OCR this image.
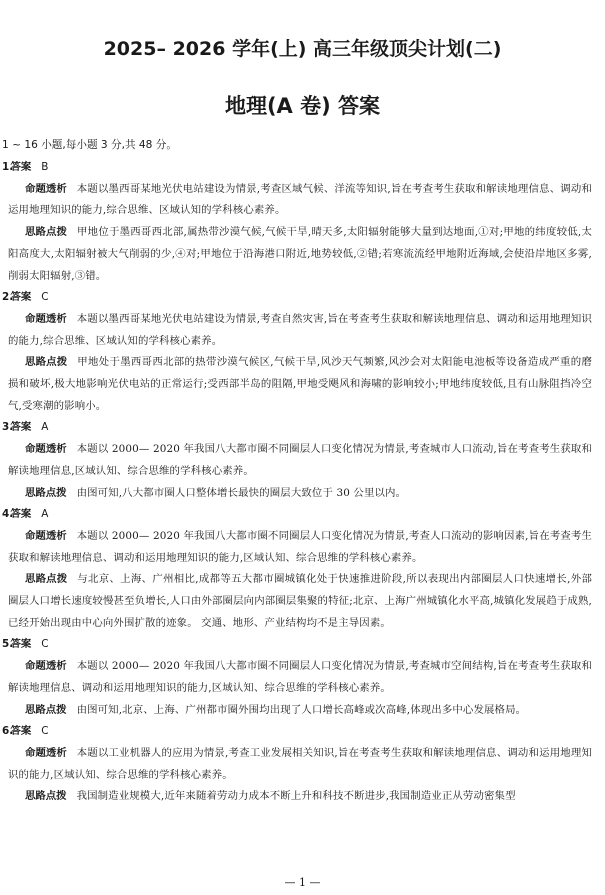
2025– 2026 学年(上) 高三年级顶尖计划(二)
地理(A 卷) 答案
1 ~ 16 小题,每小题 3 分,共 48 分。
1. 答案 B
命题透析 本题以墨西哥某地光伏电站建设为情景,考查区域气候、洋流等知识,旨在考查考生获取和解读地理信息、调动和运用地理知识的能力,综合思维、区域认知的学科核心素养。
思路点拨 甲地位于墨西哥西北部,属热带沙漠气候,气候干旱,晴天多,太阳辐射能够大量到达地面,①对;甲地的纬度较低,太阳高度大,太阳辐射被大气削弱的少,④对;甲地位于沿海港口附近,地势较低,②错;若寒流流经甲地附近海域,会使沿岸地区多雾,削弱太阳辐射,③错。
2. 答案 C
命题透析 本题以墨西哥某地光伏电站建设为情景,考查自然灾害,旨在考查考生获取和解读地理信息、调动和运用地理知识的能力,综合思维、区域认知的学科核心素养。
思路点拨 甲地处于墨西哥西北部的热带沙漠气候区,气候干旱,风沙天气频繁,风沙会对太阳能电池板等设备造成严重的磨损和破坏,极大地影响光伏电站的正常运行;受西部半岛的阻隔,甲地受飓风和海啸的影响较小;甲地纬度较低,且有山脉阻挡冷空气,受寒潮的影响小。
3. 答案 A
命题透析 本题以 2000— 2020 年我国八大都市圈不同圈层人口变化情况为情景,考查城市人口流动,旨在考查考生获取和解读地理信息,区域认知、综合思维的学科核心素养。
思路点拨 由图可知,八大都市圈人口整体增长最快的圈层大致位于 30 公里以内。
4. 答案 A
命题透析 本题以 2000— 2020 年我国八大都市圈不同圈层人口变化情况为情景,考查人口流动的影响因素,旨在考查考生获取和解读地理信息、调动和运用地理知识的能力,区域认知、综合思维的学科核心素养。
思路点拨 与北京、上海、广州相比,成都等五大都市圈城镇化处于快速推进阶段,所以表现出内部圈层人口快速增长,外部圈层人口增长速度较慢甚至负增长,人口由外部圈层向内部圈层集聚的特征;北京、上海广州城镇化水平高,城镇化发展趋于成熟,已经开始出现由中心向外围扩散的迹象。 交通、地形、产业结构均不是主导因素。
5. 答案 C
命题透析 本题以 2000— 2020 年我国八大都市圈不同圈层人口变化情况为情景,考查城市空间结构,旨在考查考生获取和解读地理信息、调动和运用地理知识的能力,区域认知、综合思维的学科核心素养。
思路点拨 由图可知,北京、上海、广州都市圈外围均出现了人口增长高峰或次高峰,体现出多中心发展格局。
6. 答案 C
命题透析 本题以工业机器人的应用为情景,考查工业发展相关知识,旨在考查考生获取和解读地理信息、调动和运用地理知识的能力,区域认知、综合思维的学科核心素养。
思路点拨 我国制造业规模大,近年来随着劳动力成本不断上升和科技不断进步,我国制造业正从劳动密集型
— 1 —
